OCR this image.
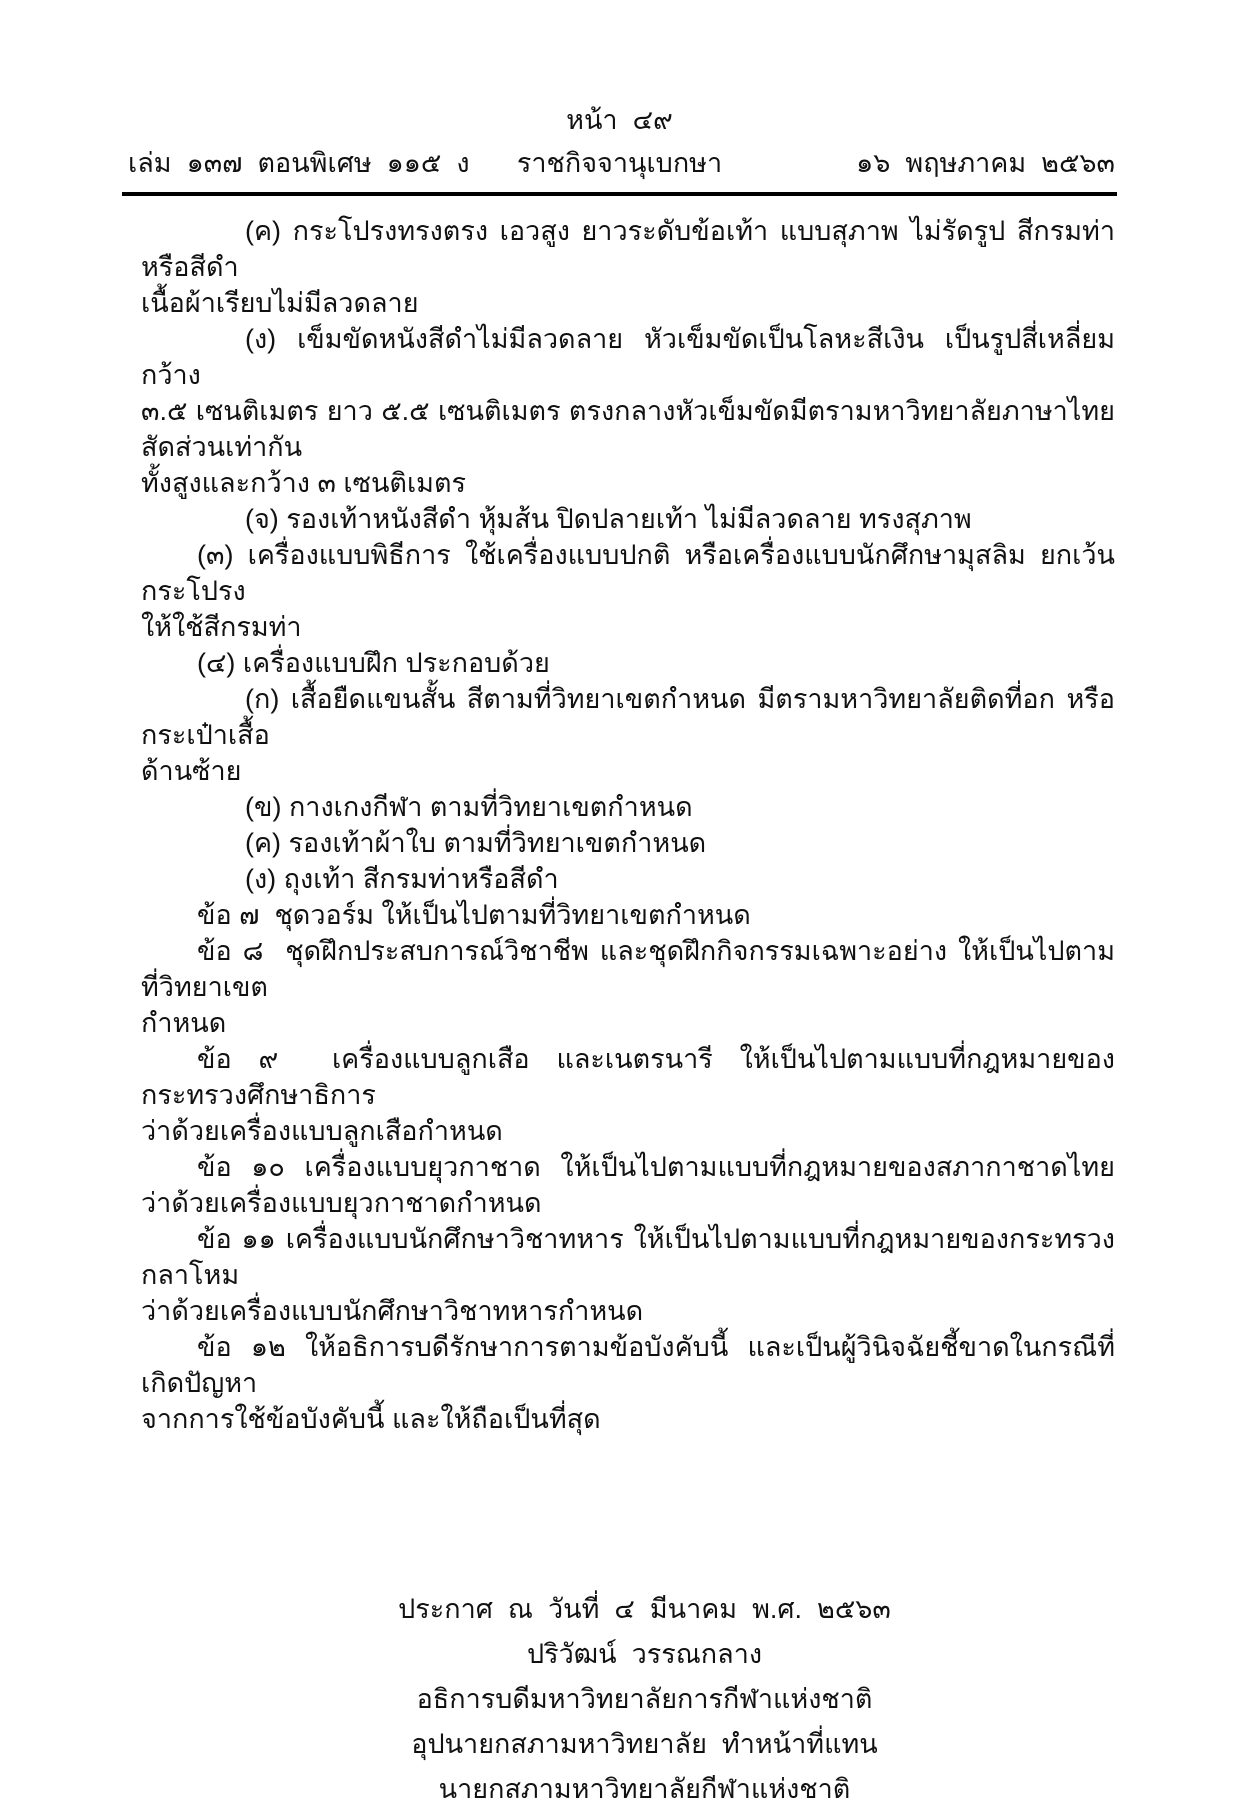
หน้า  ๔๙

เล่ม  ๑๓๗  ตอนพิเศษ  ๑๑๕  ง

ราชกิจจานุเบกษา

	๑๖  พฤษภาคม  ๒๕๖๓

(ค) กระโปรงทรงตรง เอวสูง ยาวระดับข้อเท้า แบบสุภาพ ไม่รัดรูป สีกรมท่าหรือสีดำ
เนื้อผ้าเรียบไม่มีลวดลาย
(ง) เข็มขัดหนังสีดำไม่มีลวดลาย หัวเข็มขัดเป็นโลหะสีเงิน เป็นรูปสี่เหลี่ยมกว้าง
๓.๕ เซนติเมตร ยาว ๕.๕ เซนติเมตร ตรงกลางหัวเข็มขัดมีตรามหาวิทยาลัยภาษาไทย สัดส่วนเท่ากัน
ทั้งสูงและกว้าง ๓ เซนติเมตร
(จ) รองเท้าหนังสีดำ หุ้มส้น ปิดปลายเท้า ไม่มีลวดลาย ทรงสุภาพ
(๓) เครื่องแบบพิธีการ ใช้เครื่องแบบปกติ หรือเครื่องแบบนักศึกษามุสลิม ยกเว้นกระโปรง
ให้ใช้สีกรมท่า
(๔) เครื่องแบบฝึก ประกอบด้วย
(ก) เสื้อยืดแขนสั้น สีตามที่วิทยาเขตกำหนด มีตรามหาวิทยาลัยติดที่อก หรือกระเป๋าเสื้อ
ด้านซ้าย
(ข) กางเกงกีฬา ตามที่วิทยาเขตกำหนด
(ค) รองเท้าผ้าใบ ตามที่วิทยาเขตกำหนด
(ง) ถุงเท้า สีกรมท่าหรือสีดำ
ข้อ ๗  ชุดวอร์ม ให้เป็นไปตามที่วิทยาเขตกำหนด
ข้อ ๘  ชุดฝึกประสบการณ์วิชาชีพ และชุดฝึกกิจกรรมเฉพาะอย่าง ให้เป็นไปตามที่วิทยาเขต
กำหนด
ข้อ ๙  เครื่องแบบลูกเสือ และเนตรนารี ให้เป็นไปตามแบบที่กฎหมายของกระทรวงศึกษาธิการ
ว่าด้วยเครื่องแบบลูกเสือกำหนด
ข้อ ๑๐ เครื่องแบบยุวกาชาด ให้เป็นไปตามแบบที่กฎหมายของสภากาชาดไทย
ว่าด้วยเครื่องแบบยุวกาชาดกำหนด
ข้อ ๑๑ เครื่องแบบนักศึกษาวิชาทหาร ให้เป็นไปตามแบบที่กฎหมายของกระทรวงกลาโหม
ว่าด้วยเครื่องแบบนักศึกษาวิชาทหารกำหนด
ข้อ ๑๒ ให้อธิการบดีรักษาการตามข้อบังคับนี้ และเป็นผู้วินิจฉัยชี้ขาดในกรณีที่เกิดปัญหา
จากการใช้ข้อบังคับนี้ และให้ถือเป็นที่สุด
ประกาศ  ณ  วันที่  ๔  มีนาคม  พ.ศ.  ๒๕๖๓
ปริวัฒน์  วรรณกลาง
อธิการบดีมหาวิทยาลัยการกีฬาแห่งชาติ
อุปนายกสภามหาวิทยาลัย  ทำหน้าที่แทน
นายกสภามหาวิทยาลัยกีฬาแห่งชาติ
